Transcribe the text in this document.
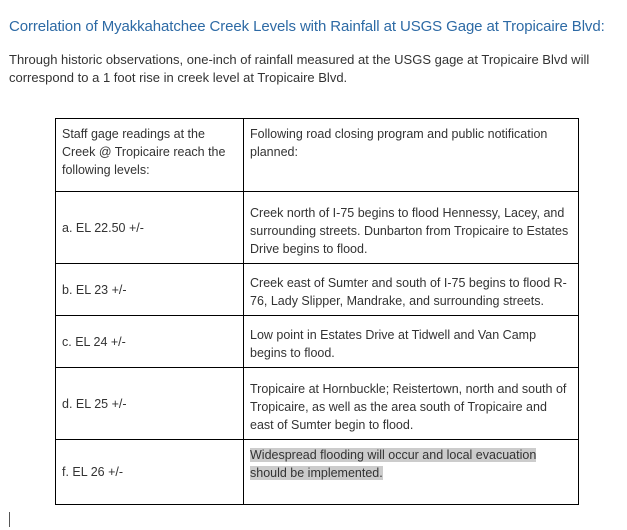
Correlation of Myakkahatchee Creek Levels with Rainfall at USGS Gage at Tropicaire Blvd:

Through historic observations, one-inch of rainfall measured at the USGS gage at Tropicaire Blvd will correspond to a 1 foot rise in creek level at Tropicaire Blvd.

Staff gage readings at the Creek @ Tropicaire reach the following levels:	Following road closing program and public notification planned:
a. EL 22.50 +/-	Creek north of I-75 begins to flood Hennessy, Lacey, and surrounding streets. Dunbarton from Tropicaire to Estates Drive begins to flood.
b. EL 23 +/-	Creek east of Sumter and south of I-75 begins to flood R-76, Lady Slipper, Mandrake, and surrounding streets.
c. EL 24 +/-	Low point in Estates Drive at Tidwell and Van Camp begins to flood.
d. EL 25 +/-	Tropicaire at Hornbuckle; Reistertown, north and south of Tropicaire, as well as the area south of Tropicaire and east of Sumter begin to flood.
f. EL 26 +/-	Widespread flooding will occur and local evacuation should be implemented.
